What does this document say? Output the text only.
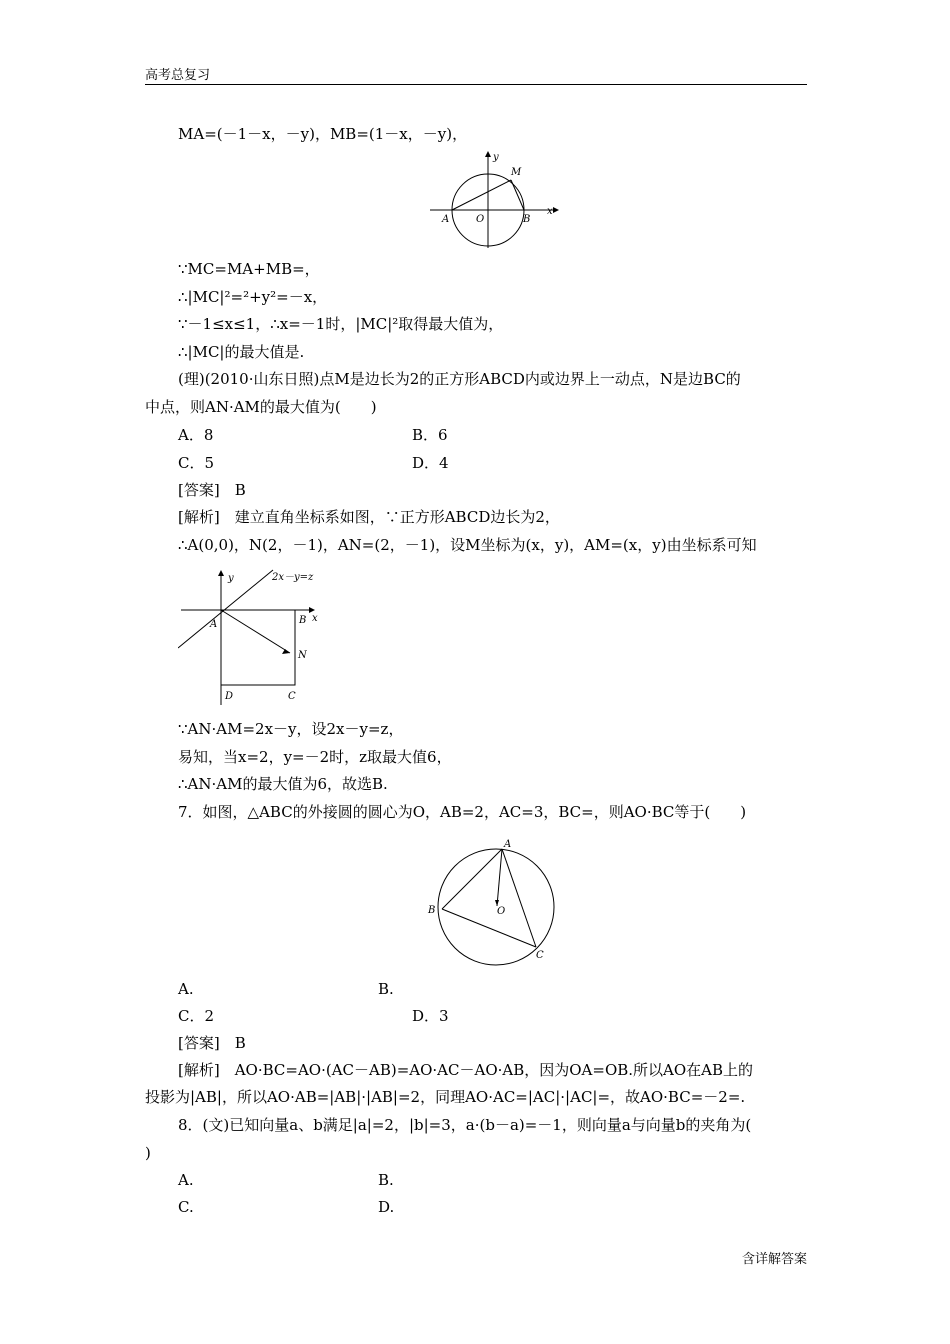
高考总复习
MA=(－1－x，－y)，MB=(1－x，－y)，
y
M
A	O	B
x
∵MC=MA+MB=，
∴|MC|²=²+y²=－x，
∵－1≤x≤1，∴x=－1时，|MC|²取得最大值为，
∴|MC|的最大值是.
(理)(2010·山东日照)点M是边长为2的正方形ABCD内或边界上一动点，N是边BC的
中点，则AN·AM的最大值为(　　)
A．8	B．6
C．5	D．4
[答案]　B
[解析]　建立直角坐标系如图，∵正方形ABCD边长为2，
∴A(0,0)，N(2，－1)，AN=(2，－1)，设M坐标为(x，y)，AM=(x，y)由坐标系可知
y	2x－y=z
A	B x
N
D	C
∵AN·AM=2x－y，设2x－y=z，
易知，当x=2，y=－2时，z取最大值6，
∴AN·AM的最大值为6，故选B.
7．如图，△ABC的外接圆的圆心为O，AB=2，AC=3，BC=，则AO·BC等于(　　)
A
B	O
C
A.	B.
C．2	D．3
[答案]　B
[解析]　AO·BC=AO·(AC－AB)=AO·AC－AO·AB，因为OA=OB.所以AO在AB上的
投影为|AB|，所以AO·AB=|AB|·|AB|=2，同理AO·AC=|AC|·|AC|=，故AO·BC=－2=.
8．(文)已知向量a、b满足|a|=2，|b|=3，a·(b－a)=－1，则向量a与向量b的夹角为(
)
A.	B.
C.	D.
含详解答案
